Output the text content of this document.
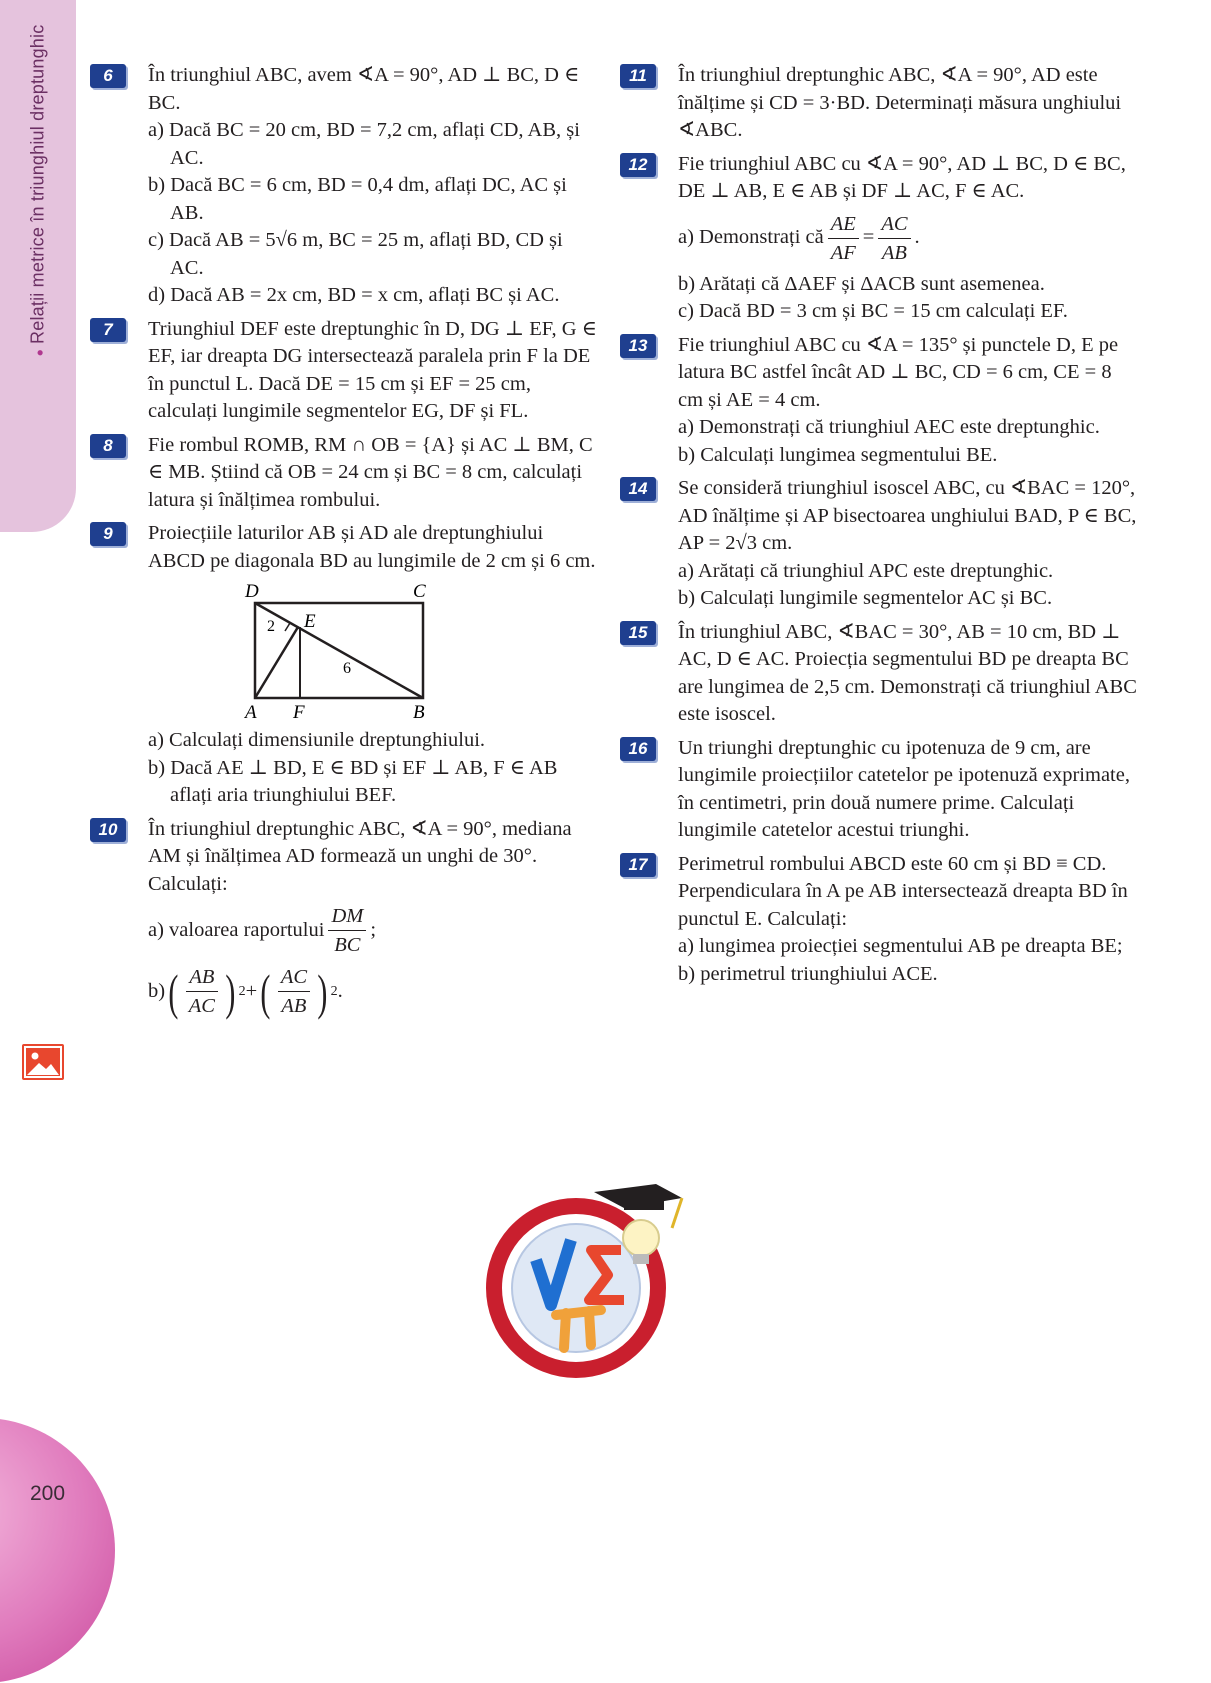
● Relații metrice în triunghiul dreptunghic
200
6	În triunghiul ABC, avem ∢A = 90°, AD ⊥ BC, D ∈ BC.
a) Dacă BC = 20 cm, BD = 7,2 cm, aflați CD, AB, și AC.
b) Dacă BC = 6 cm, BD = 0,4 dm, aflați DC, AC și AB.
c) Dacă AB = 5√6 m, BC = 25 m, aflați BD, CD și AC.
d) Dacă AB = 2x cm, BD = x cm, aflați BC și AC.
7	Triunghiul DEF este dreptunghic în D, DG ⊥ EF, G ∈ EF, iar dreapta DG intersectează paralela prin F la DE în punctul L. Dacă DE = 15 cm și EF = 25 cm, calculați lungimile segmentelor EG, DF și FL.
8	Fie rombul ROMB, RM ∩ OB = {A} și AC ⊥ BM, C ∈ MB. Știind că OB = 24 cm și BC = 8 cm, calculați latura și înălțimea rombului.
9	Proiecțiile laturilor AB și AD ale dreptunghiului ABCD pe diagonala BD au lungimile de 2 cm și 6 cm.
D	C
E
2
6
A F	B
a) Calculați dimensiunile dreptunghiului.
b) Dacă AE ⊥ BD, E ∈ BD și EF ⊥ AB, F ∈ AB aflați aria triunghiului BEF.
10	În triunghiul dreptunghic ABC, ∢A = 90°, mediana AM și înălțimea AD formează un unghi de 30°. Calculați:
a) valoarea raportului $\frac{DM}{BC}$ ;
b) ( $\frac{AB}{AC}$ ) 2 + ( $\frac{AC}{AB}$ ) 2 .
11	În triunghiul dreptunghic ABC, ∢A = 90°, AD este înălțime și CD = 3·BD. Determinați măsura unghiului ∢ABC.
12	Fie triunghiul ABC cu ∢A = 90°, AD ⊥ BC, D ∈ BC, DE ⊥ AB, E ∈ AB și DF ⊥ AC, F ∈ AC.
a) Demonstrați că $\frac{AE}{AF} = \frac{AC}{AB}$ .
b) Arătați că ΔAEF și ΔACB sunt asemenea.
c) Dacă BD = 3 cm și BC = 15 cm calculați EF.
13	Fie triunghiul ABC cu ∢A = 135° și punctele D, E pe latura BC astfel încât AD ⊥ BC, CD = 6 cm, CE = 8 cm și AE = 4 cm.
a) Demonstrați că triunghiul AEC este dreptunghic.
b) Calculați lungimea segmentului BE.
14	Se consideră triunghiul isoscel ABC, cu ∢BAC = 120°, AD înălțime și AP bisectoarea unghiului BAD, P ∈ BC, AP = 2√3 cm.
a) Arătați că triunghiul APC este dreptunghic.
b) Calculați lungimile segmentelor AC și BC.
15	În triunghiul ABC, ∢BAC = 30°, AB = 10 cm, BD ⊥ AC, D ∈ AC. Proiecția segmentului BD pe dreapta BC are lungimea de 2,5 cm. Demonstrați că triunghiul ABC este isoscel.
16	Un triunghi dreptunghic cu ipotenuza de 9 cm, are lungimile proiecțiilor catetelor pe ipotenuză exprimate, în centimetri, prin două numere prime. Calculați lungimile catetelor acestui triunghi.
17	Perimetrul rombului ABCD este 60 cm și BD ≡ CD. Perpendiculara în A pe AB intersectează dreapta BD în punctul E. Calculați:
a) lungimea proiecției segmentului AB pe dreapta BE;
b) perimetrul triunghiului ACE.
